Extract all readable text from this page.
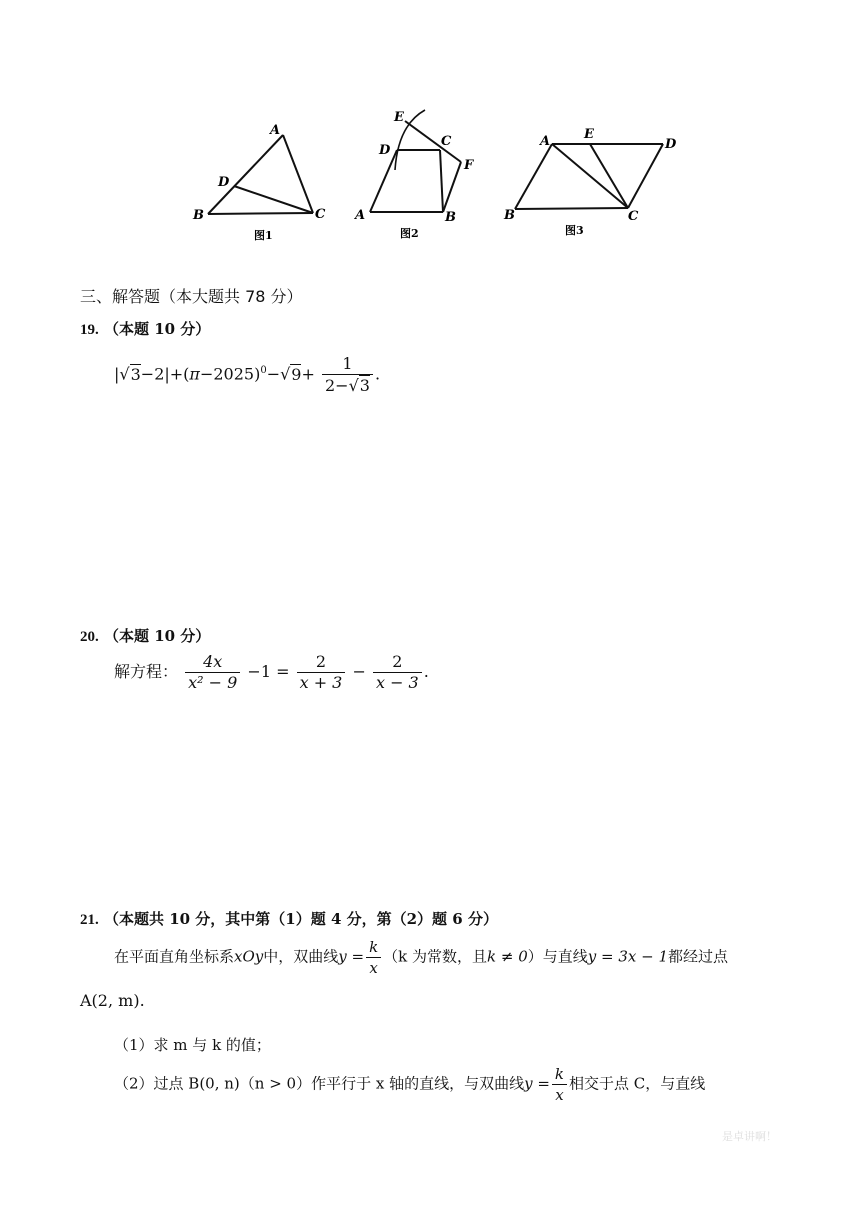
A
B	C
D
图1
E
C
D
F
A	B
图2
A	E
D
B	C
图3
三、解答题（本大题共 78 分）
19. （本题 10 分）
$|√3-2|+(\pi-2025)^0-√9+ \frac{1}{2-√3}$ .
20. （本题 10 分）
解方程： $\frac{4x}{\text{x² − 9}} -1 = \frac{2}{x + 3} - \frac{2}{x - 3}$ .
21. （本题共 10 分，其中第（1）题 4 分，第（2）题 6 分）
在平面直角坐标系xOy中，双曲线$y = \frac{k}{x} (k$ 为常数，且k ≠ 0）与直线y = 3x − 1都经过点
A(2, m).
（1）求 m 与 k 的值；
（2）过点 B(0, n)（n > 0）作平行于 x 轴的直线，与双曲线$y = \frac{k}{x}$ 相交于点 C，与直线
是卓讲啊！
